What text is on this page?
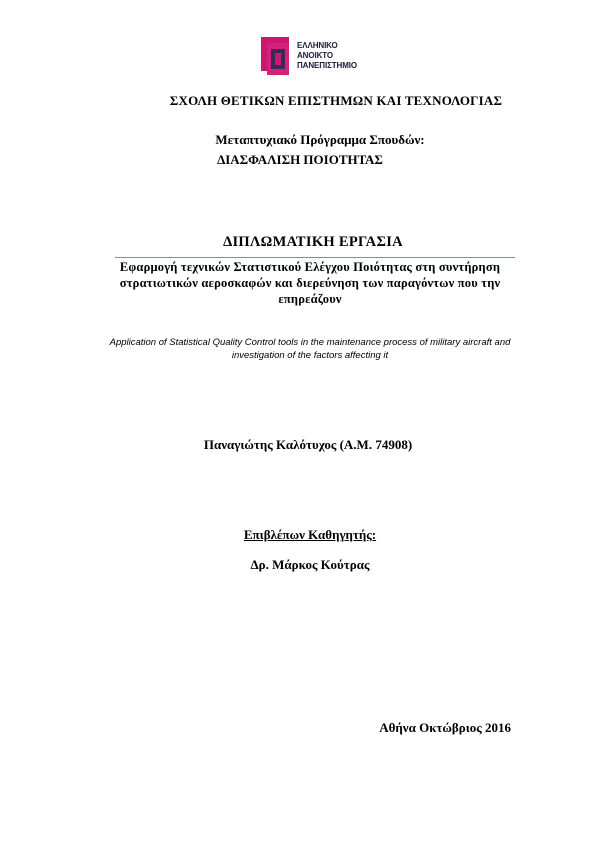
ΕΛΛΗΝΙΚΟ
ΑΝΟΙΚΤΟ
ΠΑΝΕΠΙΣΤΗΜΙΟ
ΣΧΟΛΗ ΘΕΤΙΚΩΝ ΕΠΙΣΤΗΜΩΝ ΚΑΙ ΤΕΧΝΟΛΟΓΙΑΣ
Μεταπτυχιακό Πρόγραμμα Σπουδών:
ΔΙΑΣΦΑΛΙΣΗ ΠΟΙΟΤΗΤΑΣ
ΔΙΠΛΩΜΑΤΙΚΗ ΕΡΓΑΣΙΑ
Εφαρμογή τεχνικών Στατιστικού Ελέγχου Ποιότητας στη συντήρηση στρατιωτικών αεροσκαφών και διερεύνηση των παραγόντων που την επηρεάζουν
Application of Statistical Quality Control tools in the maintenance process of military aircraft and investigation of the factors affecting it
Παναγιώτης Καλότυχος (Α.Μ. 74908)
Επιβλέπων Καθηγητής:
Δρ. Μάρκος Κούτρας
Αθήνα Οκτώβριος 2016
